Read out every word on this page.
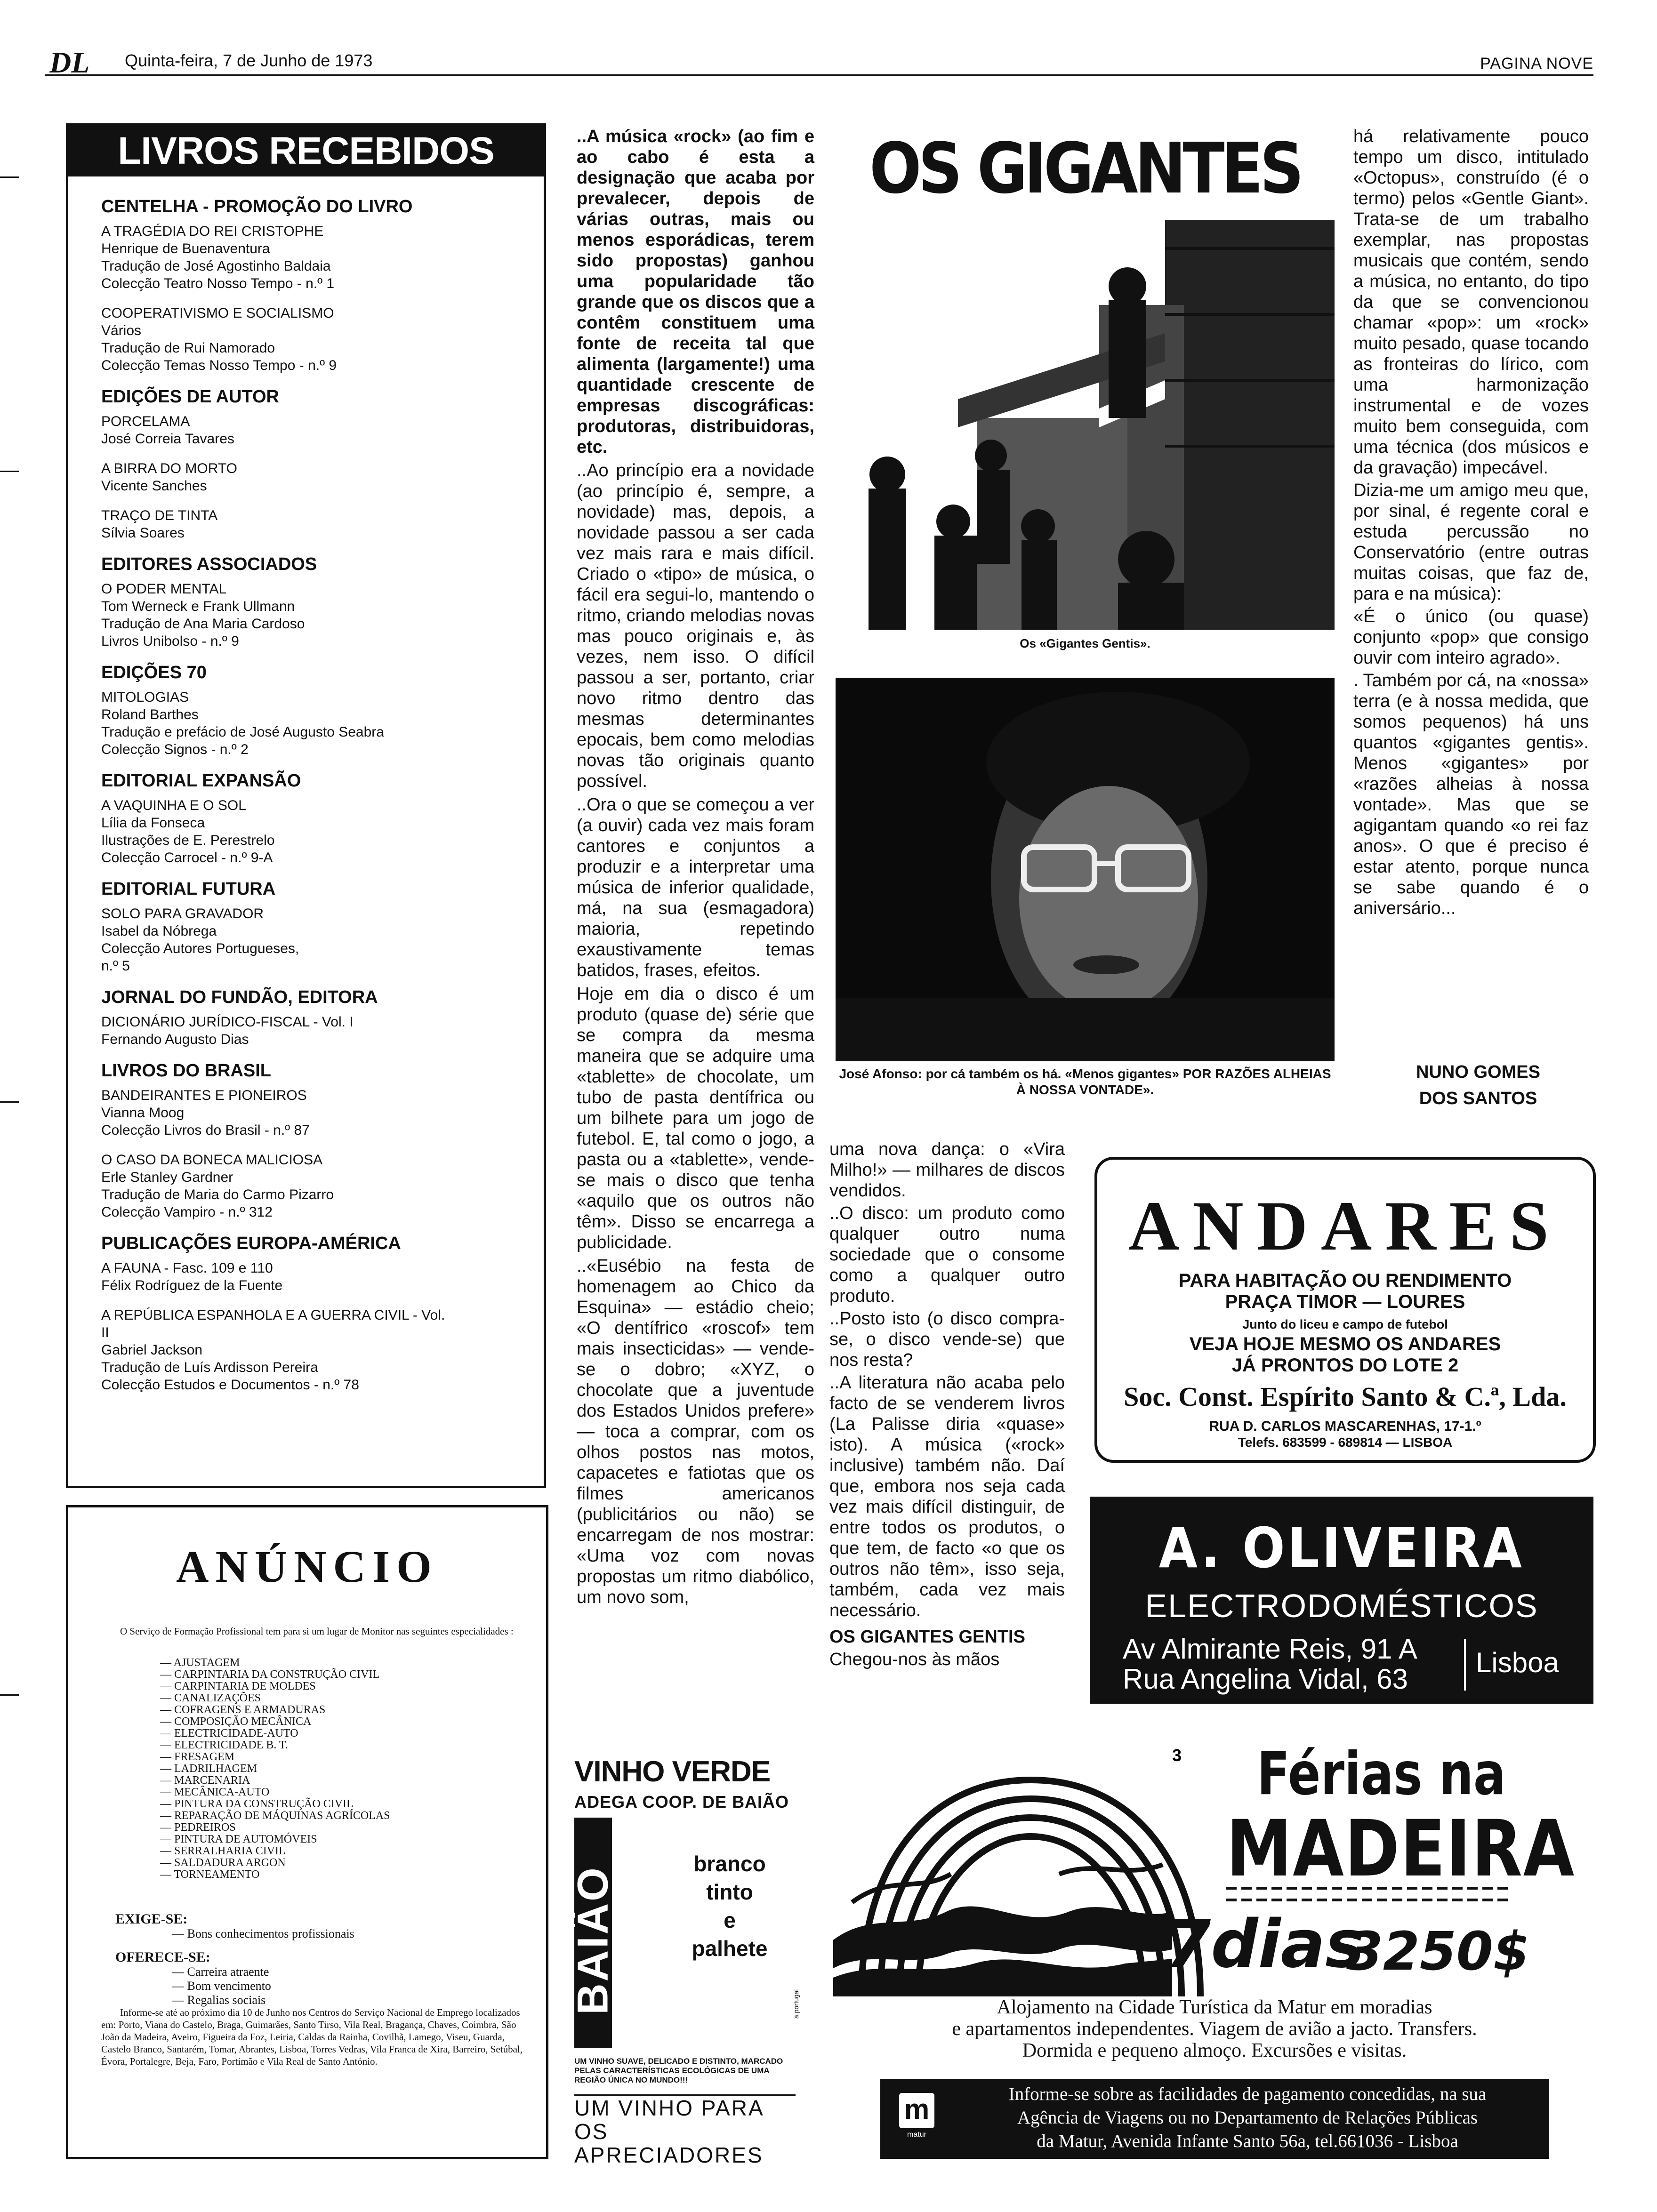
DL Quinta-feira, 7 de Junho de 1973	PAGINA NOVE
LIVROS RECEBIDOS
CENTELHA - PROMOÇÃO DO LIVRO
A TRAGÉDIA DO REI CRISTOPHE
Henrique de Buenaventura
Tradução de José Agostinho Baldaia
Colecção Teatro Nosso Tempo - n.º 1
COOPERATIVISMO E SOCIALISMO
Vários
Tradução de Rui Namorado
Colecção Temas Nosso Tempo - n.º 9
EDIÇÕES DE AUTOR
PORCELAMA
José Correia Tavares
A BIRRA DO MORTO
Vicente Sanches
TRAÇO DE TINTA
Sílvia Soares
EDITORES ASSOCIADOS
O PODER MENTAL
Tom Werneck e Frank Ullmann
Tradução de Ana Maria Cardoso
Livros Unibolso - n.º 9
EDIÇÕES 70
MITOLOGIAS
Roland Barthes
Tradução e prefácio de José Augusto Seabra
Colecção Signos - n.º 2
EDITORIAL EXPANSÃO
A VAQUINHA E O SOL
Lília da Fonseca
Ilustrações de E. Perestrelo
Colecção Carrocel - n.º 9-A
EDITORIAL FUTURA
SOLO PARA GRAVADOR
Isabel da Nóbrega
Colecção Autores Portugueses,
n.º 5
JORNAL DO FUNDÃO, EDITORA
DICIONÁRIO JURÍDICO-FISCAL - Vol. I
Fernando Augusto Dias
LIVROS DO BRASIL
BANDEIRANTES E PIONEIROS
Vianna Moog
Colecção Livros do Brasil - n.º 87
O CASO DA BONECA MALICIOSA
Erle Stanley Gardner
Tradução de Maria do Carmo Pizarro
Colecção Vampiro - n.º 312
PUBLICAÇÕES EUROPA-AMÉRICA
A FAUNA - Fasc. 109 e 110
Félix Rodríguez de la Fuente
A REPÚBLICA ESPANHOLA E A GUERRA CIVIL - Vol.
II
Gabriel Jackson
Tradução de Luís Ardisson Pereira
Colecção Estudos e Documentos - n.º 78
ANÚNCIO
O Serviço de Formação Profissional tem para si um lugar de Monitor nas seguintes especialidades :
— AJUSTAGEM
— CARPINTARIA DA CONSTRUÇÃO CIVIL
— CARPINTARIA DE MOLDES
— CANALIZAÇÕES
— COFRAGENS E ARMADURAS
— COMPOSIÇÃO MECÂNICA
— ELECTRICIDADE-AUTO
— ELECTRICIDADE B. T.
— FRESAGEM
— LADRILHAGEM
— MARCENARIA
— MECÂNICA-AUTO
— PINTURA DA CONSTRUÇÃO CIVIL
— REPARAÇÃO DE MÁQUINAS AGRÍCOLAS
— PEDREIROS
— PINTURA DE AUTOMÓVEIS
— SERRALHARIA CIVIL
— SALDADURA ARGON
— TORNEAMENTO
EXIGE-SE:
— Bons conhecimentos profissionais
OFERECE-SE:
— Carreira atraente
— Bom vencimento
— Regalias sociais
Informe-se até ao próximo dia 10 de Junho nos Centros do Serviço Nacional de Emprego localizados em: Porto, Viana do Castelo, Braga, Guimarães, Santo Tirso, Vila Real, Bragança, Chaves, Coimbra, São João da Madeira, Aveiro, Figueira da Foz, Leiria, Caldas da Rainha, Covilhã, Lamego, Viseu, Guarda, Castelo Branco, Santarém, Tomar, Abrantes, Lisboa, Torres Vedras, Vila Franca de Xira, Barreiro, Setúbal, Évora, Portalegre, Beja, Faro, Portimão e Vila Real de Santo António.

..A música «rock» (ao fim e ao cabo é esta a designação que acaba por prevalecer, depois de várias outras, mais ou menos esporádicas, terem sido propostas) ganhou uma popularidade tão grande que os discos que a contêm constituem uma fonte de receita tal que alimenta (largamente!) uma quantidade crescente de empresas discográficas: produtoras, distribuidoras, etc.

..Ao princípio era a novidade (ao princípio é, sempre, a novidade) mas, depois, a novidade passou a ser cada vez mais rara e mais difícil. Criado o «tipo» de música, o fácil era segui-lo, mantendo o ritmo, criando melodias novas mas pouco originais e, às vezes, nem isso. O difícil passou a ser, portanto, criar novo ritmo dentro das mesmas determinantes epocais, bem como melodias novas tão originais quanto possível.

..Ora o que se começou a ver (a ouvir) cada vez mais foram cantores e conjuntos a produzir e a interpretar uma música de inferior qualidade, má, na sua (esmagadora) maioria, repetindo exaustivamente temas batidos, frases, efeitos.

Hoje em dia o disco é um produto (quase de) série que se compra da mesma maneira que se adquire uma «tablette» de chocolate, um tubo de pasta dentífrica ou um bilhete para um jogo de futebol. E, tal como o jogo, a pasta ou a «tablette», vende-se mais o disco que tenha «aquilo que os outros não têm». Disso se encarrega a publicidade.

..«Eusébio na festa de homenagem ao Chico da Esquina» — estádio cheio; «O dentífrico «roscof» tem mais insecticidas» — vende-se o dobro; «XYZ, o chocolate que a juventude dos Estados Unidos prefere» — toca a comprar, com os olhos postos nas motos, capacetes e fatiotas que os filmes americanos (publicitários ou não) se encarregam de nos mostrar: «Uma voz com novas propostas um ritmo diabólico, um novo som,

OS GIGANTES
Os «Gigantes Gentis».
José Afonso: por cá também os há. «Menos gigantes» POR RAZÕES ALHEIAS À NOSSA VONTADE».

há relativamente pouco tempo um disco, intitulado «Octopus», construído (é o termo) pelos «Gentle Giant». Trata-se de um trabalho exemplar, nas propostas musicais que contém, sendo a música, no entanto, do tipo da que se convencionou chamar «pop»: um «rock» muito pesado, quase tocando as fronteiras do lírico, com uma harmonização instrumental e de vozes muito bem conseguida, com uma técnica (dos músicos e da gravação) impecável.

Dizia-me um amigo meu que, por sinal, é regente coral e estuda percussão no Conservatório (entre outras muitas coisas, que faz de, para e na música):

«É o único (ou quase) conjunto «pop» que consigo ouvir com inteiro agrado».

. Também por cá, na «nossa» terra (e à nossa medida, que somos pequenos) há uns quantos «gigantes gentis». Menos «gigantes» por «razões alheias à nossa vontade». Mas que se agigantam quando «o rei faz anos». O que é preciso é estar atento, porque nunca se sabe quando é o aniversário...

NUNO GOMES
DOS SANTOS

uma nova dança: o «Vira Milho!» — milhares de discos vendidos.

..O disco: um produto como qualquer outro numa sociedade que o consome como a qualquer outro produto.

..Posto isto (o disco compra-se, o disco vende-se) que nos resta?

..A literatura não acaba pelo facto de se venderem livros (La Palisse diria «quase» isto). A música («rock» inclusive) também não. Daí que, embora nos seja cada vez mais difícil distinguir, de entre todos os produtos, o que tem, de facto «o que os outros não têm», isso seja, também, cada vez mais necessário.

OS GIGANTES GENTIS

Chegou-nos às mãos

ANDARES
PARA HABITAÇÃO OU RENDIMENTO
PRAÇA TIMOR — LOURES
Junto do liceu e campo de futebol
VEJA HOJE MESMO OS ANDARES
JÁ PRONTOS DO LOTE 2
Soc. Const. Espírito Santo & C.ª, Lda.
RUA D. CARLOS MASCARENHAS, 17-1.º
Telefs. 683599 - 689814 — LISBOA
A. OLIVEIRA
ELECTRODOMÉSTICOS
Av Almirante Reis, 91 A
Rua Angelina Vidal, 63
Lisboa
VINHO VERDE
ADEGA COOP. DE BAIÃO
BAIÃO
branco
tinto
e
palhete
a.portugal
UM VINHO SUAVE, DELICADO E DISTINTO, MARCADO PELAS CARACTERÍSTICAS ECOLÓGICAS DE UMA REGIÃO ÚNICA NO MUNDO!!!
UM VINHO PARA OS APRECIADORES
3 Férias na
MADEIRA
7dias
3250$
Alojamento na Cidade Turística da Matur em moradias
e apartamentos independentes. Viagem de avião a jacto. Transfers.
Dormida e pequeno almoço. Excursões e visitas.
m
matur
Informe-se sobre as facilidades de pagamento concedidas, na sua
Agência de Viagens ou no Departamento de Relações Públicas
da Matur, Avenida Infante Santo 56a, tel.661036 - Lisboa
